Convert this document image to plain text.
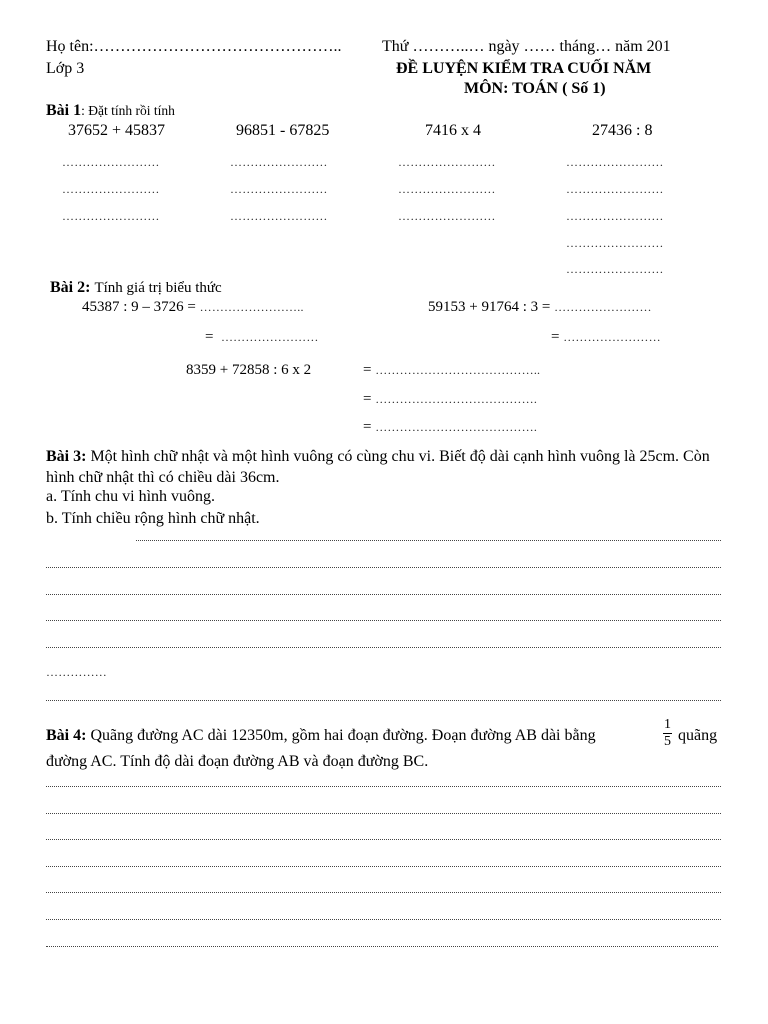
Họ tên:………………………………………..	Thứ ………..… ngày …… tháng… năm 201
Lớp 3	ĐỀ LUYỆN KIỂM TRA CUỐI NĂM
MÔN: TOÁN ( Số 1)
Bài 1: Đặt tính rồi tính
37652 + 45837	96851 - 67825	7416 x 4	27436 : 8
……………………
……………………
……………………
……………………
……………………
……………………
……………………
……………………
……………………
……………………
……………………
……………………
……………………
……………………
Bài 2: Tính giá trị biểu thức
45387 : 9 – 3726 = ……………………..
= ……………………
59153 + 91764 : 3 = ……………………
= ……………………
8359 + 72858 : 6 x 2	= …………………………………..
= ………………………………….
= ………………………………….
Bài 3: Một hình chữ nhật và một hình vuông có cùng chu vi. Biết độ dài cạnh hình vuông là 25cm. Còn hình chữ nhật thì có chiều dài 36cm.
a. Tính chu vi hình vuông.
b. Tính chiều rộng hình chữ nhật.
……………
Bài 4: Quãng đường AC dài 12350m, gồm hai đoạn đường. Đoạn đường AB dài bằng
1
5 quãng
đường AC. Tính độ dài đoạn đường AB và đoạn đường BC.
